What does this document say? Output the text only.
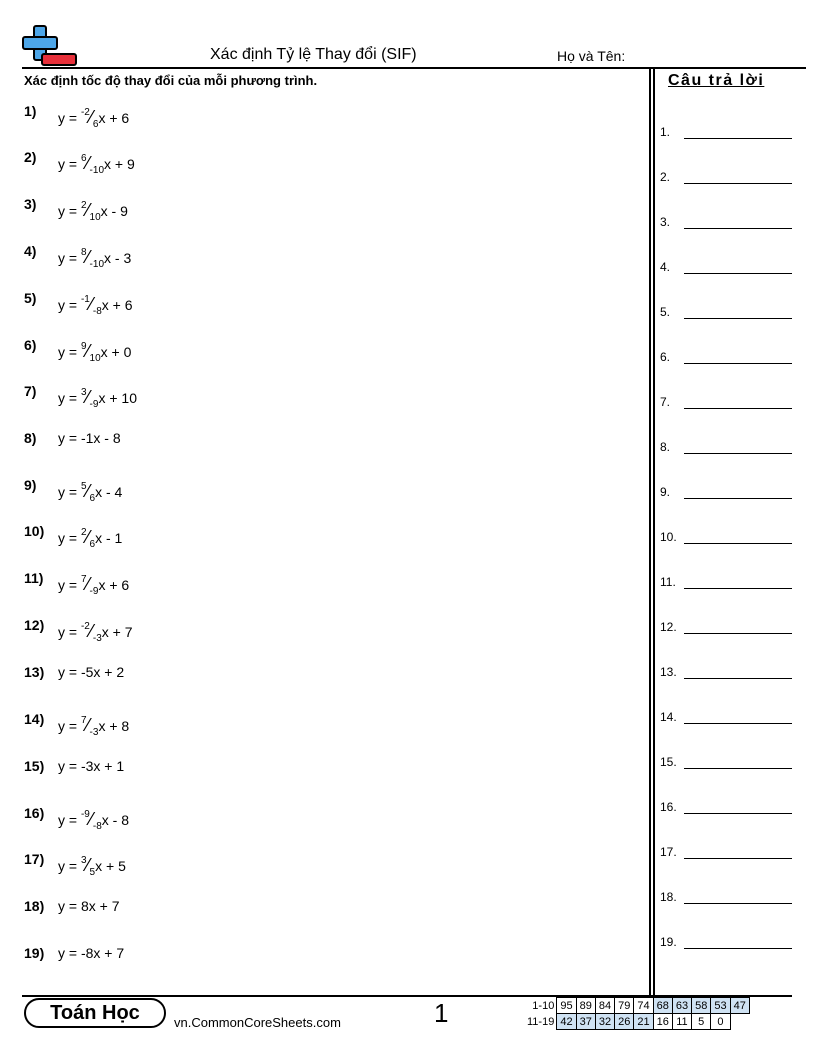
Xác định Tỷ lệ Thay đổi (SIF)	Họ và Tên:
Xác định tốc độ thay đổi của mỗi phương trình.	Câu trả lời
1) $y = ^{-2}⁄_6x + 6$
2) $y = ^6⁄_{-10}x + 9$
3) $y = ^2⁄_{10}x - 9$
4) $y = ^8⁄_{-10}x - 3$
5) $y = ^{-1}⁄_{-8}x + 6$
6) $y = ^9⁄_{10}x + 0$
7) $y = ^3⁄_{-9}x + 10$
8) y = -1x - 8
9) $y = ^5⁄_6x - 4$
10) $y = ^2⁄_6x - 1$
11) $y = ^7⁄_{-9}x + 6$
12) $y = ^{-2}⁄_{-3}x + 7$
13) y = -5x + 2
14) $y = ^7⁄_{-3}x + 8$
15) y = -3x + 1
16) $y = ^{-9}⁄_{-8}x - 8$
17) $y = ^3⁄_5x + 5$
18) y = 8x + 7
19) y = -8x + 7
1.
2.
3.
4.
5.
6.
7.
8.
9.
10.
11.
12.
13.
14.
15.
16.
17.
18.
19.
Toán Học	vn.CommonCoreSheets.com	1	1-10	95	89	84	79	74	68	63	58	53	47
11-19	42	37	32	26	21	16	11	5	0	
